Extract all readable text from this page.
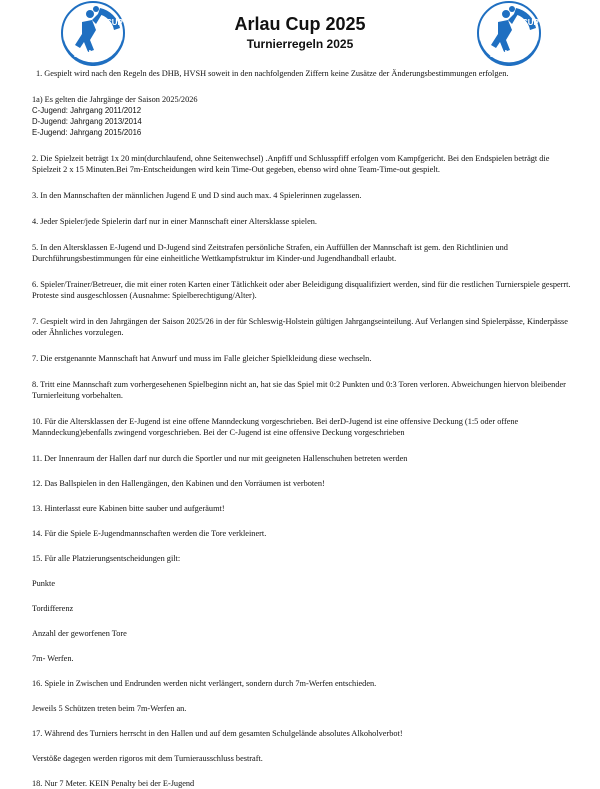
CUP
ARLAU
CUP
ARLAU
Arlau Cup 2025
Turnierregeln 2025

1. Gespielt wird nach den Regeln des DHB, HVSH soweit in den nachfolgenden Ziffern keine Zusätze der Änderungsbestimmungen erfolgen.

1a) Es gelten die Jahrgänge der Saison 2025/2026

C-Jugend: Jahrgang 2011/2012

D-Jugend: Jahrgang 2013/2014

E-Jugend: Jahrgang 2015/2016

2. Die Spielzeit beträgt 1x 20 min(durchlaufend, ohne Seitenwechsel) .Anpfiff und Schlusspfiff erfolgen vom Kampfgericht. Bei den Endspielen beträgt die Spielzeit 2 x 15 Minuten.Bei 7m-Entscheidungen wird kein Time-Out gegeben, ebenso wird ohne Team-Time-out gespielt.

3. In den Mannschaften der männlichen Jugend E und D sind auch max. 4 Spielerinnen zugelassen.

4. Jeder Spieler/jede Spielerin darf nur in einer Mannschaft einer Altersklasse spielen.

5. In den Altersklassen E-Jugend und D-Jugend sind Zeitstrafen persönliche Strafen, ein Auffüllen der Mannschaft ist gem. den Richtlinien und Durchführungsbestimmungen für eine einheitliche Wettkampfstruktur im Kinder-und Jugendhandball erlaubt.

6. Spieler/Trainer/Betreuer, die mit einer roten Karten einer Tätlichkeit oder aber Beleidigung disqualifiziert werden, sind für die restlichen Turnierspiele gesperrt. Proteste sind ausgeschlossen (Ausnahme: Spielberechtigung/Alter).

7. Gespielt wird in den Jahrgängen der Saison 2025/26 in der für Schleswig-Holstein gültigen Jahrgangseinteilung. Auf Verlangen sind Spielerpässe, Kinderpässe oder Ähnliches vorzulegen.

7. Die erstgenannte Mannschaft hat Anwurf und muss im Falle gleicher Spielkleidung diese wechseln.

8. Tritt eine Mannschaft zum vorhergesehenen Spielbeginn nicht an, hat sie das Spiel mit 0:2 Punkten und 0:3 Toren verloren. Abweichungen hiervon bleibender Turnierleitung vorbehalten.

10. Für die Altersklassen der E-Jugend ist eine offene Manndeckung vorgeschrieben. Bei derD-Jugend ist eine offensive Deckung (1:5 oder offene Manndeckung)ebenfalls zwingend vorgeschrieben. Bei der C-Jugend ist eine offensive Deckung vorgeschrieben

11. Der Innenraum der Hallen darf nur durch die Sportler und nur mit geeigneten Hallenschuhen betreten werden

12. Das Ballspielen in den Hallengängen, den Kabinen und den Vorräumen ist verboten!

13. Hinterlasst eure Kabinen bitte sauber und aufgeräumt!

14. Für die Spiele E-Jugendmannschaften werden die Tore verkleinert.

15. Für alle Platzierungsentscheidungen gilt:

Punkte

Tordifferenz

Anzahl der geworfenen Tore

7m- Werfen.

16. Spiele in Zwischen und Endrunden werden nicht verlängert, sondern durch 7m-Werfen entschieden.

Jeweils 5 Schützen treten beim 7m-Werfen an.

17. Während des Turniers herrscht in den Hallen und auf dem gesamten Schulgelände absolutes Alkoholverbot!

Verstöße dagegen werden rigoros mit dem Turnierausschluss bestraft.

18. Nur 7 Meter. KEIN Penalty bei der E-Jugend
